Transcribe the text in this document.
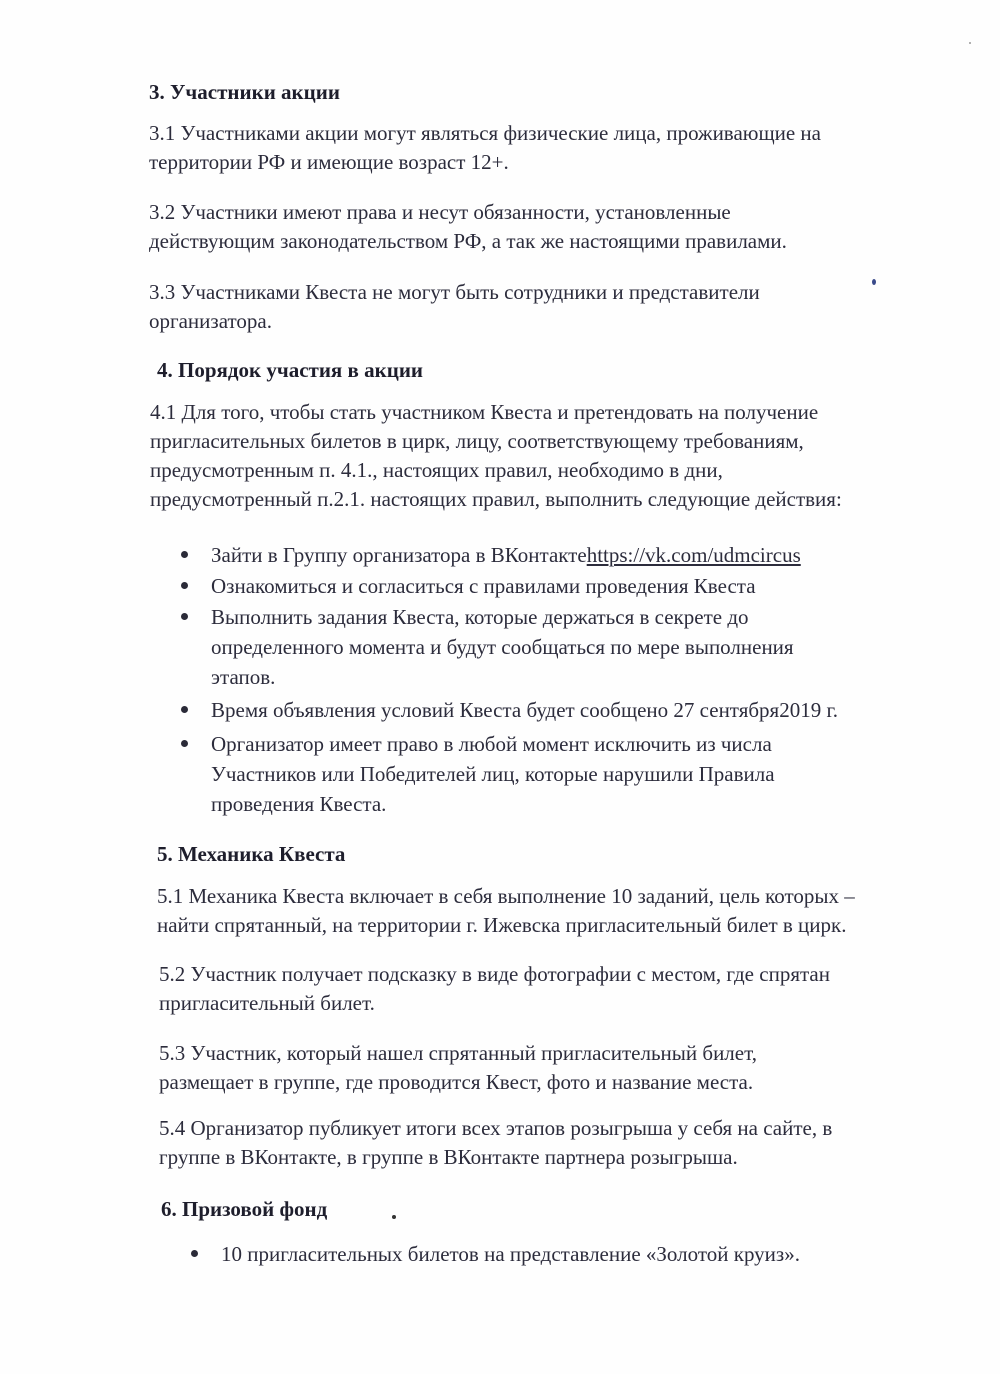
3. Участники акции
3.1 Участниками акции могут являться физические лица, проживающие на
территории РФ и имеющие возраст 12+.
3.2 Участники имеют права и несут обязанности, установленные
действующим законодательством РФ, а так же настоящими правилами.
3.3 Участниками Квеста не могут быть сотрудники и представители
организатора.
4. Порядок участия в акции
4.1 Для того, чтобы стать участником Квеста и претендовать на получение
пригласительных билетов в цирк, лицу, соответствующему требованиям,
предусмотренным п. 4.1., настоящих правил, необходимо в дни,
предусмотренный п.2.1. настоящих правил, выполнить следующие действия:
Зайти в Группу организатора в ВКонтактеhttps://vk.com/udmcircus
Ознакомиться и согласиться с правилами проведения Квеста
Выполнить задания Квеста, которые держаться в секрете до
определенного момента и будут сообщаться по мере выполнения
этапов.
Время объявления условий Квеста будет сообщено 27 сентября2019 г.
Организатор имеет право в любой момент исключить из числа
Участников или Победителей лиц, которые нарушили Правила
проведения Квеста.
5. Механика Квеста
5.1 Механика Квеста включает в себя выполнение 10 заданий, цель которых –
найти спрятанный, на территории г. Ижевска пригласительный билет в цирк.
5.2 Участник получает подсказку в виде фотографии с местом, где спрятан
пригласительный билет.
5.3 Участник, который нашел спрятанный пригласительный билет,
размещает в группе, где проводится Квест, фото и название места.
5.4 Организатор публикует итоги всех этапов розыгрыша у себя на сайте, в
группе в ВКонтакте, в группе в ВКонтакте партнера розыгрыша.
6. Призовой фонд
10 пригласительных билетов на представление «Золотой круиз».
